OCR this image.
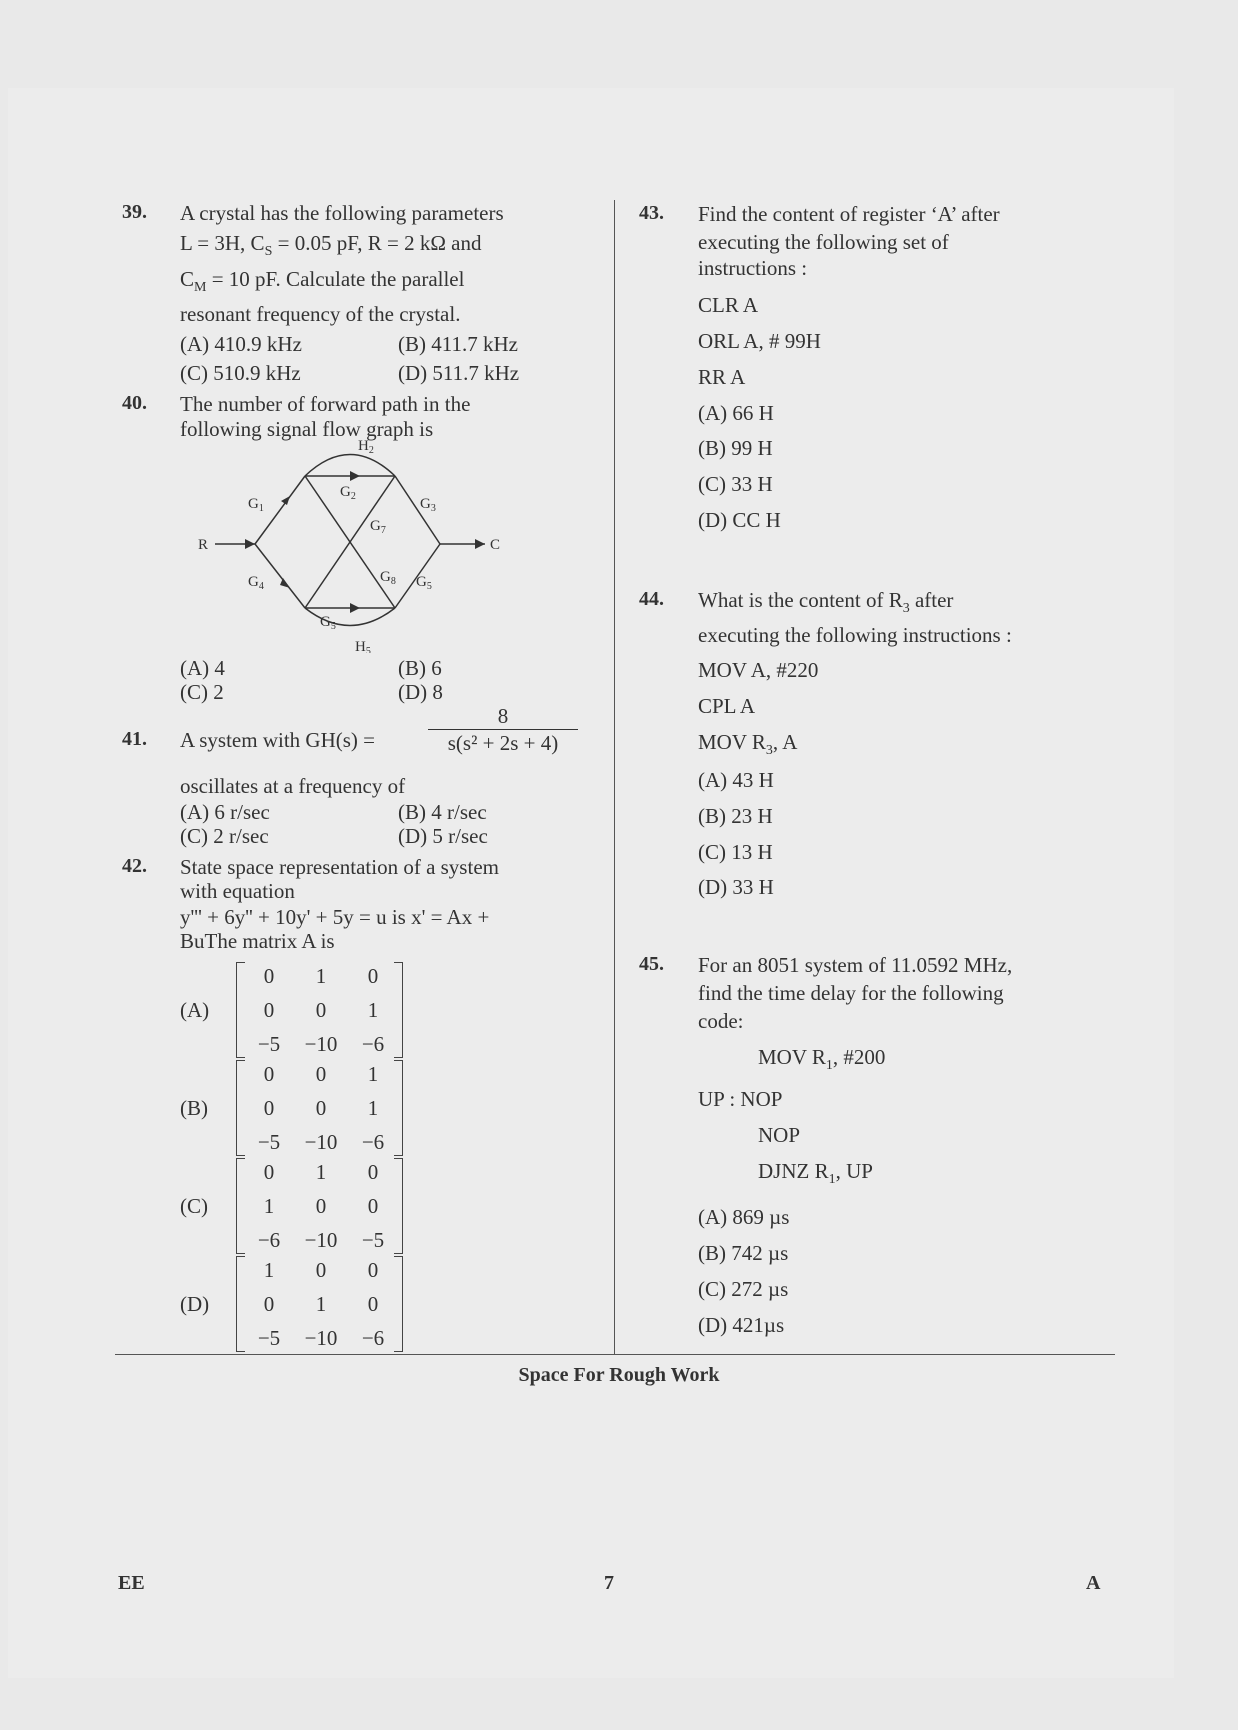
39. A crystal has the following parameters
L = 3H, $C_S = 0.05$ pF, R = 2 kΩ and
$C_M = 10$ pF. Calculate the parallel
resonant frequency of the crystal.
(A) 410.9 kHz	(B) 411.7 kHz
(C) 510.9 kHz	(D) 511.7 kHz
40. The number of forward path in the
following signal flow graph is
R	C
$G_1$
$G_2$	$G_3$
$G_4$
$G_5$
$G_7$
$G_8$ $G_5$
$H_2$
$H_5$
(A) 4	(B) 6
(C) 2	(D) 8
41. A system with GH(s) =	$\frac{8}{\text{s(s² + 2s + 4)}}$
oscillates at a frequency of
(A) 6 r/sec	(B) 4 r/sec
(C) 2 r/sec	(D) 5 r/sec
42. State space representation of a system
with equation
y''' + 6y'' + 10y' + 5y = u is x' = Ax +
BuThe matrix A is
(A)
0	1	0
0	0	1
−5	−10	−6
(B)
0	0	1
0	0	1
−5	−10	−6
(C)
0	1	0
1	0	0
−6	−10	−5
(D)
1	0	0
0	1	0
−5	−10	−6
43. Find the content of register ‘A’ after
executing the following set of
instructions :
CLR A
ORL A, # 99H
RR A
(A) 66 H
(B) 99 H
(C) 33 H
(D) CC H
44. What is the content of $R_3$ after
executing the following instructions :
MOV A, #220
CPL A
MOV $R_3$, A
(A) 43 H
(B) 23 H
(C) 13 H
(D) 33 H
45. For an 8051 system of 11.0592 MHz,
find the time delay for the following
code:
MOV $R_1$, #200
UP : NOP
NOP
DJNZ $R_1$, UP
(A) 869 µs
(B) 742 µs
(C) 272 µs
(D) 421µs
Space For Rough Work
EE	7	A
